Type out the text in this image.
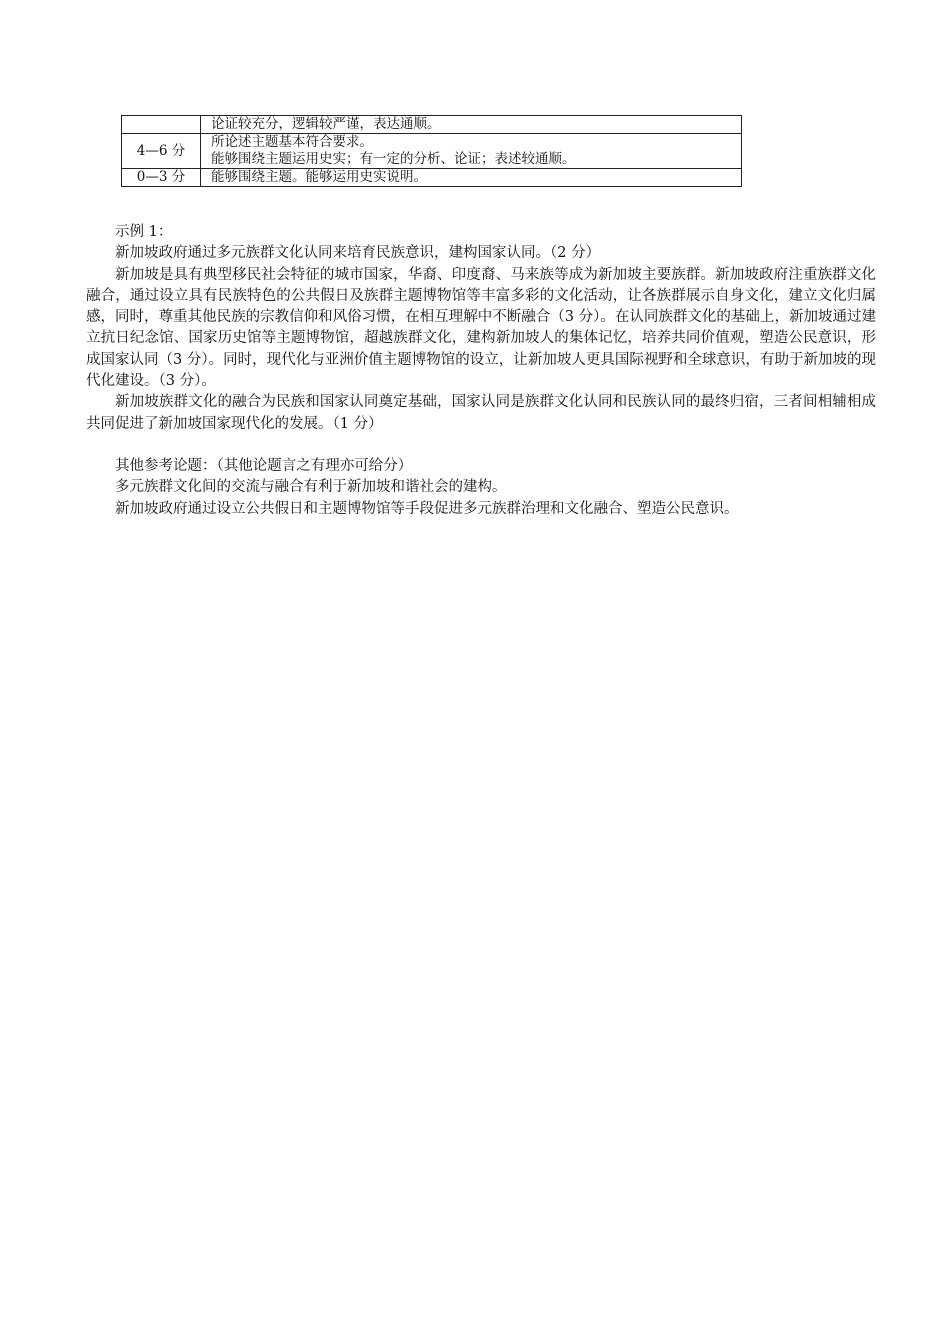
	论证较充分，逻辑较严谨，表达通顺。

4—6 分	所论述主题基本符合要求。
能够围绕主题运用史实；有一定的分析、论证；表述较通顺。

0—3 分	能够围绕主题。能够运用史实说明。

示例 1：

新加坡政府通过多元族群文化认同来培育民族意识，建构国家认同。（2 分）

新加坡是具有典型移民社会特征的城市国家，华裔、印度裔、马来族等成为新加坡主要族群。新加坡政府注重族群文化融合，通过设立具有民族特色的公共假日及族群主题博物馆等丰富多彩的文化活动，让各族群展示自身文化，建立文化归属感，同时，尊重其他民族的宗教信仰和风俗习惯，在相互理解中不断融合（3 分）。在认同族群文化的基础上，新加坡通过建立抗日纪念馆、国家历史馆等主题博物馆，超越族群文化，建构新加坡人的集体记忆，培养共同价值观，塑造公民意识，形成国家认同（3 分）。同时，现代化与亚洲价值主题博物馆的设立，让新加坡人更具国际视野和全球意识，有助于新加坡的现代化建设。（3 分）。

新加坡族群文化的融合为民族和国家认同奠定基础，国家认同是族群文化认同和民族认同的最终归宿，三者间相辅相成共同促进了新加坡国家现代化的发展。（1 分）

其他参考论题：（其他论题言之有理亦可给分）

多元族群文化间的交流与融合有利于新加坡和谐社会的建构。

新加坡政府通过设立公共假日和主题博物馆等手段促进多元族群治理和文化融合、塑造公民意识。
